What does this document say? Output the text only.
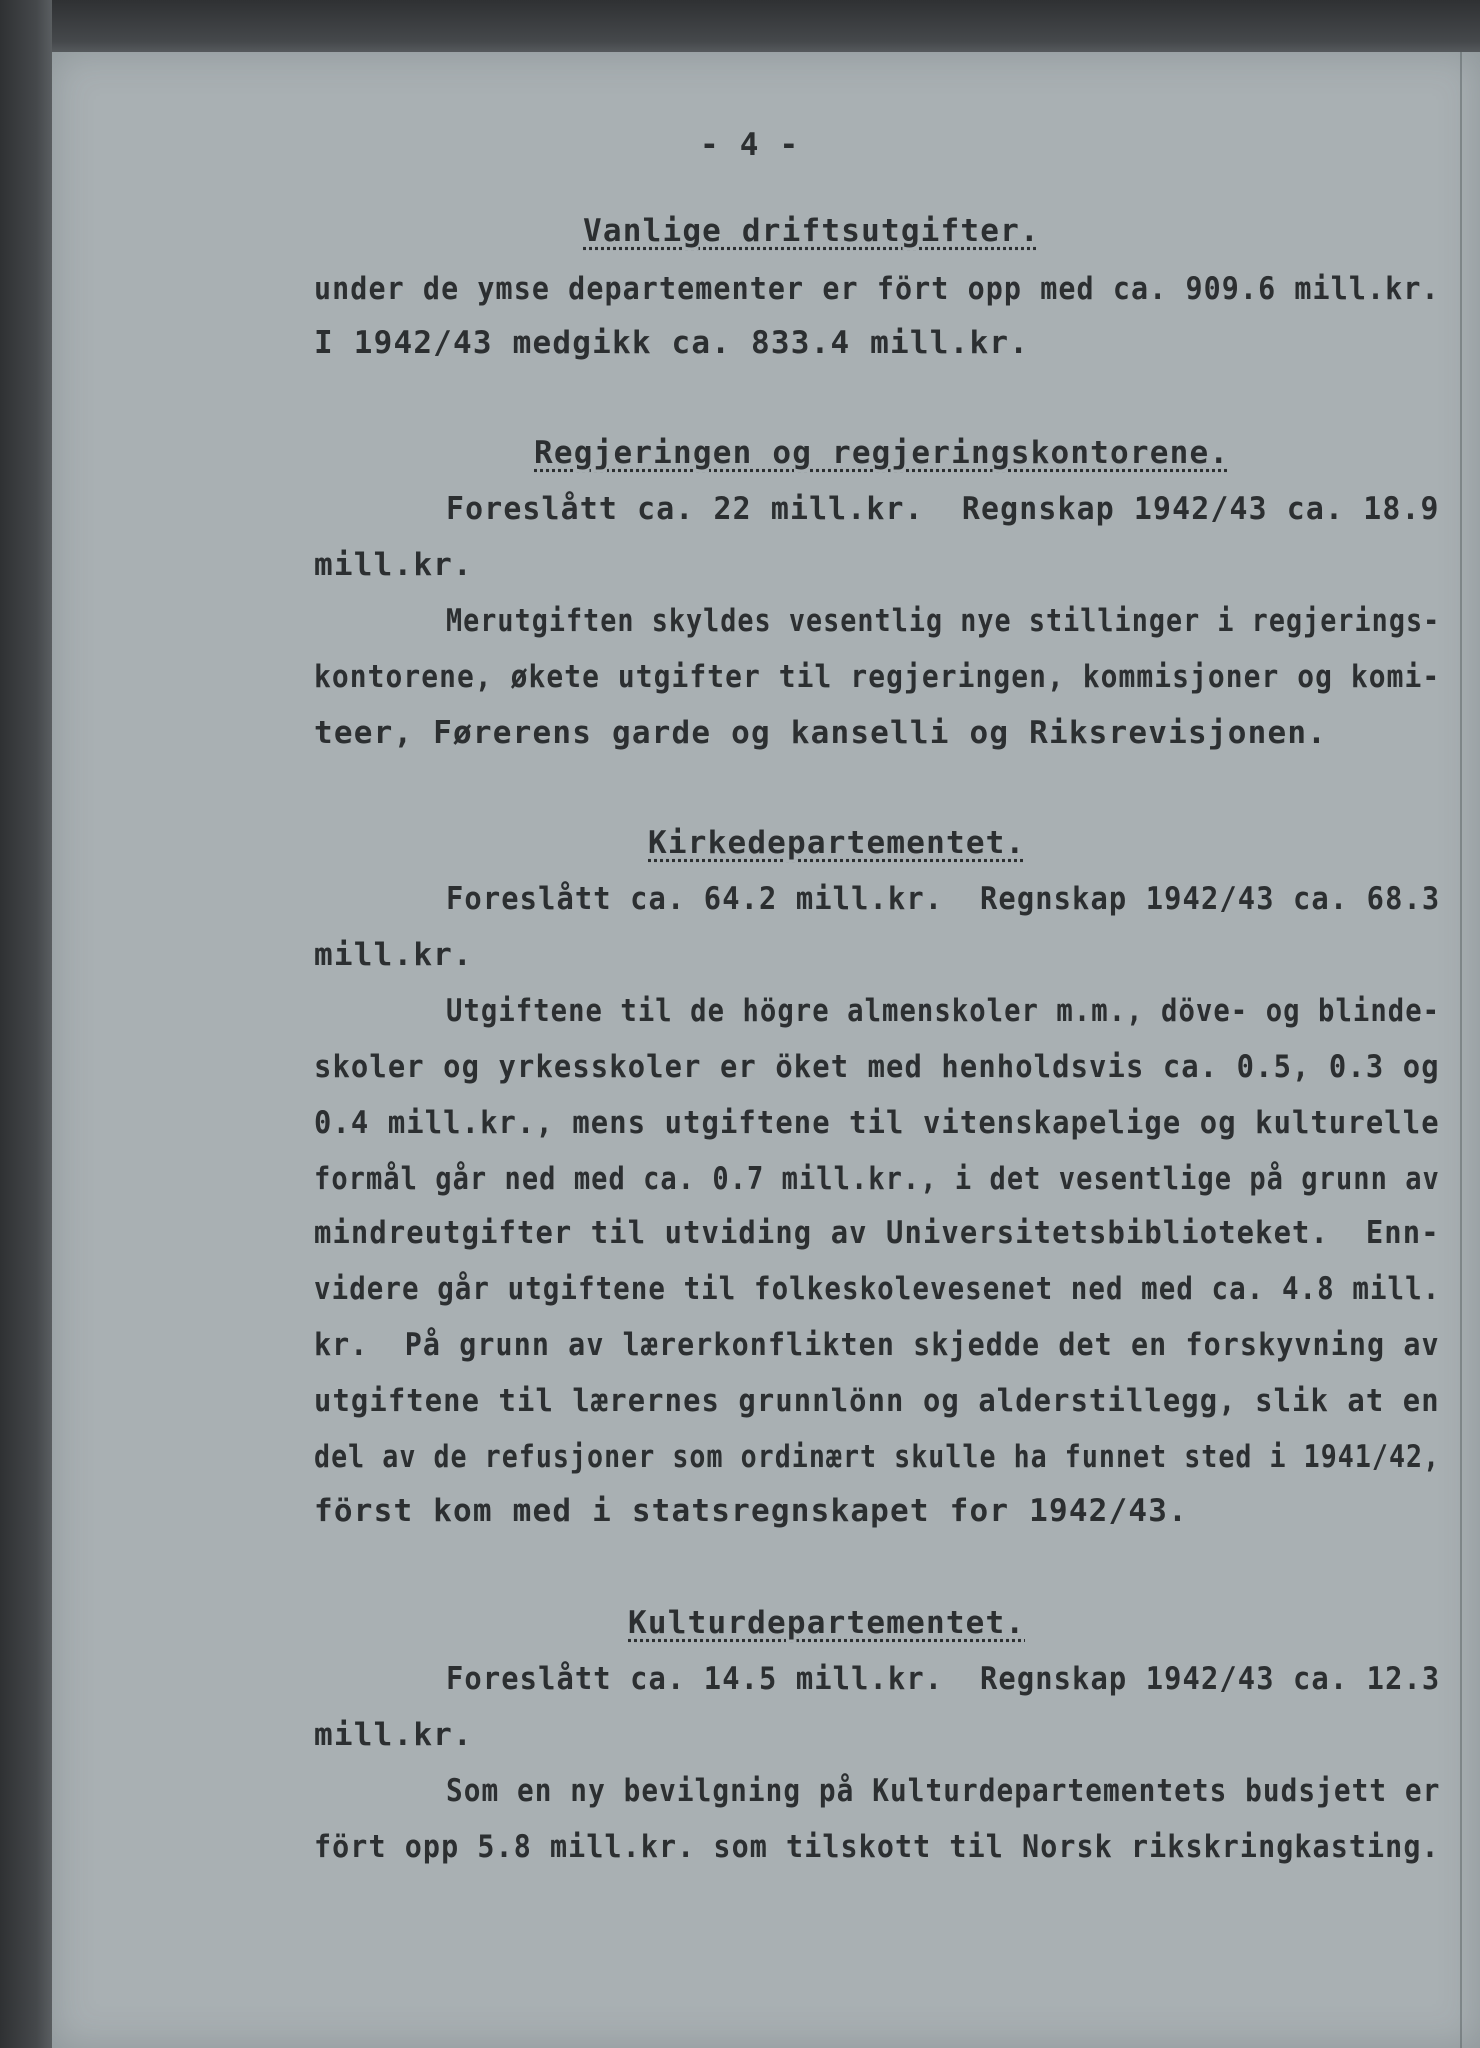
- 4 -
Vanlige driftsutgifter.
under de ymse departementer er fört opp med ca. 909.6 mill.kr.
I 1942/43 medgikk ca. 833.4 mill.kr.
Regjeringen og regjeringskontorene.
Foreslått ca. 22 mill.kr.  Regnskap 1942/43 ca. 18.9
mill.kr.
Merutgiften skyldes vesentlig nye stillinger i regjerings-
kontorene, økete utgifter til regjeringen, kommisjoner og komi-
teer, Førerens garde og kanselli og Riksrevisjonen.
Kirkedepartementet.
Foreslått ca. 64.2 mill.kr.  Regnskap 1942/43 ca. 68.3
mill.kr.
Utgiftene til de högre almenskoler m.m., döve- og blinde-
skoler og yrkesskoler er öket med henholdsvis ca. 0.5, 0.3 og
0.4 mill.kr., mens utgiftene til vitenskapelige og kulturelle
formål går ned med ca. 0.7 mill.kr., i det vesentlige på grunn av
mindreutgifter til utviding av Universitetsbiblioteket.  Enn-
videre går utgiftene til folkeskolevesenet ned med ca. 4.8 mill.
kr.  På grunn av lærerkonflikten skjedde det en forskyvning av
utgiftene til lærernes grunnlönn og alderstillegg, slik at en
del av de refusjoner som ordinært skulle ha funnet sted i 1941/42,
först kom med i statsregnskapet for 1942/43.
Kulturdepartementet.
Foreslått ca. 14.5 mill.kr.  Regnskap 1942/43 ca. 12.3
mill.kr.
Som en ny bevilgning på Kulturdepartementets budsjett er
fört opp 5.8 mill.kr. som tilskott til Norsk rikskringkasting.
